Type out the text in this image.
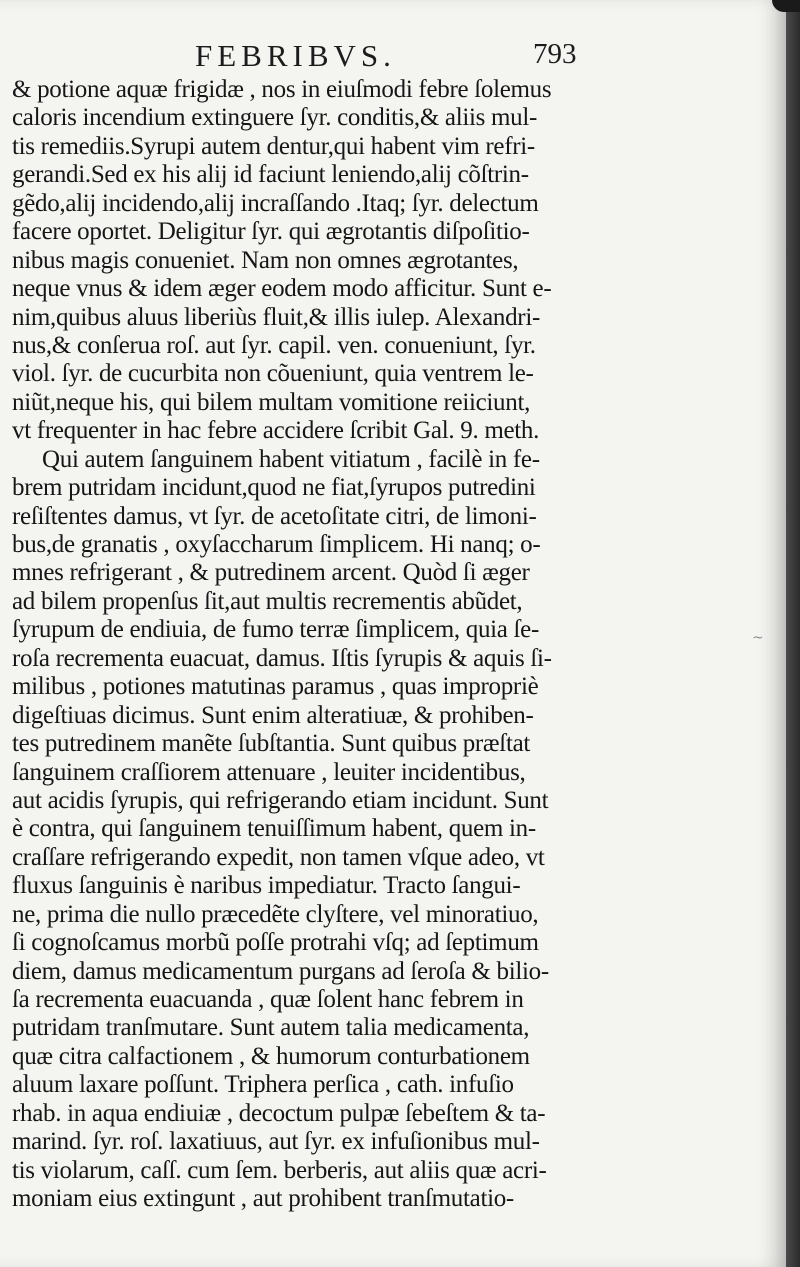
FEBRIBVS.	793
& potione aquæ frigidæ , nos in eiuſmodi febre ſolemus
caloris incendium extinguere ſyr. conditis,& aliis mul-
tis remediis.Syrupi autem dentur,qui habent vim refri-
gerandi.Sed ex his alij id faciunt leniendo,alij cõſtrin-
gẽdo,alij incidendo,alij incraſſando .Itaq; ſyr. delectum
facere oportet. Deligitur ſyr. qui ægrotantis diſpoſitio-
nibus magis conueniet. Nam non omnes ægrotantes,
neque vnus & idem æger eodem modo afficitur. Sunt e-
nim,quibus aluus liberiùs fluit,& illis iulep. Alexandri-
nus,& conſerua roſ. aut ſyr. capil. ven. conueniunt, ſyr.
viol. ſyr. de cucurbita non cõueniunt, quia ventrem le-
niũt,neque his, qui bilem multam vomitione reiiciunt,
vt frequenter in hac febre accidere ſcribit Gal. 9. meth.
Qui autem ſanguinem habent vitiatum , facilè in fe-
brem putridam incidunt,quod ne fiat,ſyrupos putredini
reſiſtentes damus, vt ſyr. de acetoſitate citri, de limoni-
bus,de granatis , oxyſaccharum ſimplicem. Hi nanq; o-
mnes refrigerant , & putredinem arcent. Quòd ſi æger
ad bilem propenſus ſit,aut multis recrementis abũdet,
ſyrupum de endiuia, de fumo terræ ſimplicem, quia ſe-
roſa recrementa euacuat, damus. Iſtis ſyrupis & aquis ſi-
milibus , potiones matutinas paramus , quas impropriè
digeſtiuas dicimus. Sunt enim alteratiuæ, & prohiben-
tes putredinem manẽte ſubſtantia. Sunt quibus præſtat
ſanguinem craſſiorem attenuare , leuiter incidentibus,
aut acidis ſyrupis, qui refrigerando etiam incidunt. Sunt
è contra, qui ſanguinem tenuiſſimum habent, quem in-
craſſare refrigerando expedit, non tamen vſque adeo, vt
fluxus ſanguinis è naribus impediatur. Tracto ſangui-
ne, prima die nullo præcedẽte clyſtere, vel minoratiuo,
ſi cognoſcamus morbũ poſſe protrahi vſq; ad ſeptimum
diem, damus medicamentum purgans ad ſeroſa & bilio-
ſa recrementa euacuanda , quæ ſolent hanc febrem in
putridam tranſmutare. Sunt autem talia medicamenta,
quæ citra calfactionem , & humorum conturbationem
aluum laxare poſſunt. Triphera perſica , cath. infuſio
rhab. in aqua endiuiæ , decoctum pulpæ ſebeſtem & ta-
marind. ſyr. roſ. laxatiuus, aut ſyr. ex infuſionibus mul-
tis violarum, caſſ. cum ſem. berberis, aut aliis quæ acri-
moniam eius extingunt , aut prohibent tranſmutatio-
~
